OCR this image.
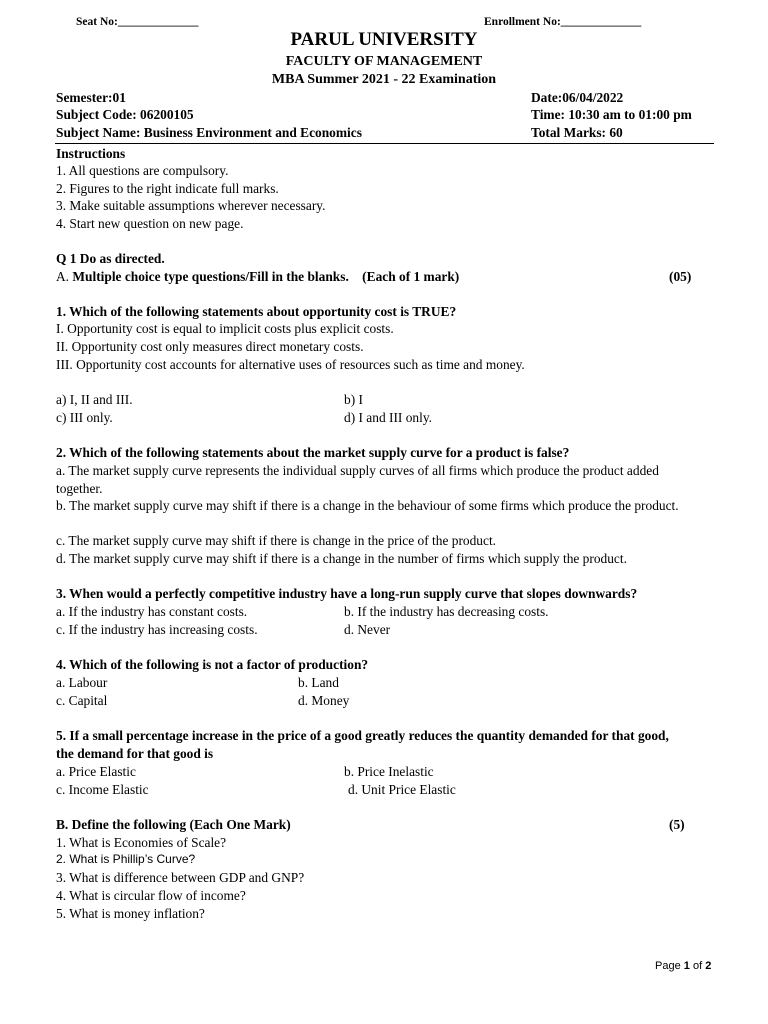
Seat No:______________	Enrollment No:______________
PARUL UNIVERSITY
FACULTY OF MANAGEMENT
MBA Summer 2021 - 22 Examination
Semester:01	Date:06/04/2022
Subject Code: 06200105	Time: 10:30 am to 01:00 pm
Subject Name: Business Environment and Economics	Total Marks: 60
Instructions
1. All questions are compulsory.
2. Figures to the right indicate full marks.
3. Make suitable assumptions wherever necessary.
4. Start new question on new page.
Q 1 Do as directed.
A. Multiple choice type questions/Fill in the blanks.    (Each of 1 mark)	(05)
1. Which of the following statements about opportunity cost is TRUE?
I. Opportunity cost is equal to implicit costs plus explicit costs.
II. Opportunity cost only measures direct monetary costs.
III. Opportunity cost accounts for alternative uses of resources such as time and money.
a) I, II and III.	b) I
c) III only.	d) I and III only.
2. Which of the following statements about the market supply curve for a product is false?
a. The market supply curve represents the individual supply curves of all firms which produce the product added together.
b. The market supply curve may shift if there is a change in the behaviour of some firms which produce the product.
c. The market supply curve may shift if there is change in the price of the product.
d. The market supply curve may shift if there is a change in the number of firms which supply the product.
3. When would a perfectly competitive industry have a long-run supply curve that slopes downwards?
a. If the industry has constant costs.	b. If the industry has decreasing costs.
c. If the industry has increasing costs.	d. Never
4. Which of the following is not a factor of production?
a. Labour	b. Land
c. Capital	d. Money
5. If a small percentage increase in the price of a good greatly reduces the quantity demanded for that good,
the demand for that good is
a. Price Elastic	b. Price Inelastic
c. Income Elastic	d. Unit Price Elastic
B. Define the following (Each One Mark)	(5)
1. What is Economies of Scale?
2. What is Phillip’s Curve?
3. What is difference between GDP and GNP?
4. What is circular flow of income?
5. What is money inflation?
Page 1 of 2
